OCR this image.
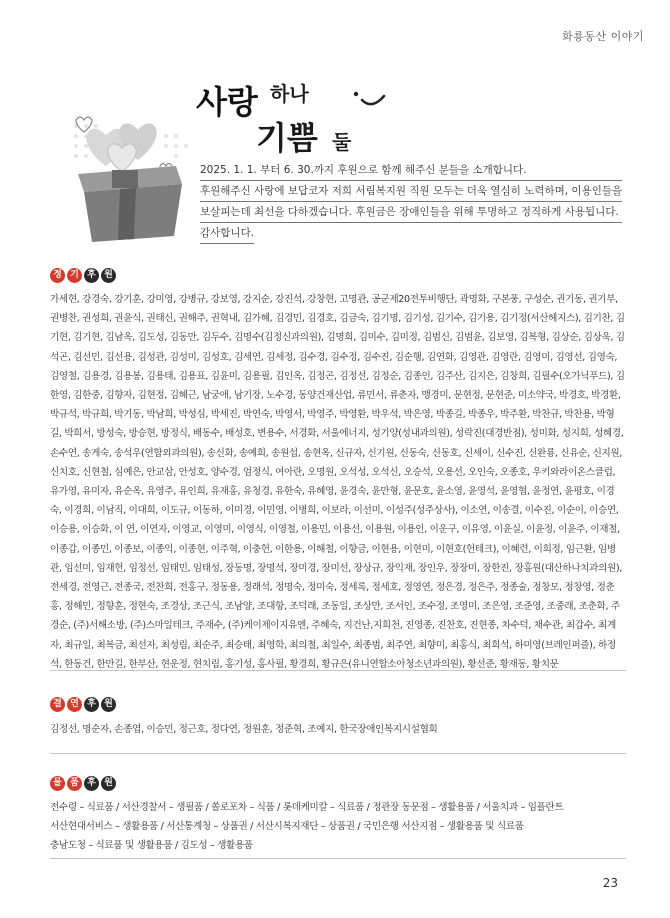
화룡동산 이야기
사랑 하나
기쁨 둘
2025. 1. 1. 부터 6. 30.까지 후원으로 함께 해주신 분들을 소개합니다.
후원해주신 사랑에 보답코자 저희 서림복지원 직원 모두는 더욱 열심히 노력하며, 이용인들을
보살피는데 최선을 다하겠습니다. 후원금은 장애인들을 위해 투명하고 정직하게 사용됩니다.
감사합니다.
정 기 후 원
가세현, 강경숙, 강기훈, 강미영, 강병규, 강보영, 강지순, 강진석, 강창현, 고명관, 공군제20전투비행단, 곽명화, 구본풍, 구성순, 권기동, 권기부, 권병찬, 권성희, 권윤식, 권태신, 권해주, 권혁내, 김가혜, 김경민, 김경호, 김금숙, 김기명, 김기성, 김기수, 김기용, 김기정(서산헤지스), 김기찬, 김기현, 김기현, 김남옥, 김도성, 김동만, 김두수, 김명수(김정신과의원), 김명희, 김미수, 김미정, 김범신, 김범윤, 김보영, 김복형, 김상순, 김상욱, 김석곤, 김선민, 김선용, 김성관, 김성미, 김성호, 김세연, 김세정, 김수경, 김수정, 김수진, 김순행, 김연화, 김영관, 김영란, 김영미, 김영선, 김영숙, 김영철, 김용경, 김용봉, 김용태, 김용표, 김윤미, 김용필, 김인옥, 김정곤, 김정선, 김정순, 김종인, 김주산, 김지은, 김창희, 김필수(오가닉푸드), 김한영, 김한중, 김향자, 김현정, 김혜근, 남궁애, 남기장, 노수경, 동양건재산업, 류민서, 류춘자, 맹경미, 문현정, 문현준, 미소약국, 박경호, 박경환, 박규석, 박규희, 박기동, 박남희, 박성심, 박세진, 박연숙, 박영서, 박영주, 박영환, 박우석, 박은영, 박종길, 박종우, 박주환, 박찬규, 박찬용, 박형길, 박희서, 방성숙, 방승현, 방정식, 배동수, 배성호, 변용수, 서경화, 서울에너지, 성기양(성내과의원), 성락진(대경반점), 성미화, 성지희, 성혜경, 손수연, 송게숙, 송석우(연합외과의원), 송신화, 송예희, 송원섭, 송현옥, 신규자, 신기원, 신동숙, 신동호, 신세이, 신수진, 신완룡, 신유순, 신지원, 신치호, 신현철, 심예은, 안교삼, 안성호, 양수경, 엄정식, 여아란, 오명원, 오석성, 오석신, 오승석, 오용선, 오인숙, 오종호, 우키와라이온스클럽, 유가영, 유미자, 유순옥, 유영주, 유인희, 유재홍, 유청경, 유한숙, 유혜영, 윤경숙, 윤만형, 윤문호, 윤소영, 윤영석, 윤영협, 윤정연, 윤평호, 이경숙, 이경희, 이남직, 이대희, 이도규, 이동하, 이미경, 이민영, 이병희, 이보라, 이선미, 이성주(성주상사), 이소연, 이송결, 이수진, 이순이, 이승연, 이승용, 이승화, 이 연, 이연자, 이영교, 이영미, 이영식, 이영철, 이용민, 이용선, 이용원, 이용인, 이운구, 이유영, 이윤실, 이윤정, 이윤주, 이재철, 이종갑, 이종민, 이종보, 이종익, 이종현, 이주혁, 이충헌, 이한용, 이해철, 이향금, 이현용, 이현미, 이현호(헌테크), 이혜련, 이희정, 임근환, 임병관, 임선미, 임재헌, 임정선, 임태민, 임태성, 장동명, 장명석, 장미경, 장미선, 장상규, 장익재, 장인우, 장장미, 장한진, 장홍원(대산하나치과의원), 전세경, 전영근, 전종국, 전찬희, 전홍구, 정동용, 정래석, 정명숙, 정미숙, 정세록, 정세호, 정영연, 정은경, 정은주, 정종술, 정창모, 정창영, 정춘홍, 정해민, 정향훈, 정현숙, 조경상, 조근식, 조남양, 조대항, 조덕래, 조동일, 조상만, 조서인, 조수정, 조영미, 조은영, 조준영, 조중래, 조춘화, 주경순, (주)서해소방, (주)스마일테크, 주재수, (주)케이제이지유엔, 주혜숙, 지건난,지희천, 진영종, 진찬호, 진현종, 차수덕, 채수관, 최갑수, 최계자, 최규일, 최복금, 최선자, 최성림, 최순주, 최승태, 최영학, 최의철, 최일수, 최종범, 최주연, 최향미, 최홍식, 최희석, 하미영(브레인퍼즐), 하정석, 한동건, 한만길, 한부산, 현운정, 현치림, 홍기성, 홍사필, 황경희, 황규은(유니연합소아청소년과의원), 황선준, 황재동, 황치문
결 연 후 원
김정선, 명순자, 손종엽, 이승민, 정근호, 정다연, 정원훈, 정준혁, 조예지, 한국장애인복지시설협회
물 품 후 원
전수령 – 식료품 / 서산경찰서 – 생필품 / 쏠로포차 – 식품 / 롯데케미칼 – 식료품 / 정관장 동문점 – 생활용품 / 서울치과 – 임플란트
서산현대서비스 – 생활용품 / 서산통계청 – 상품권 / 서산시복지재단 – 상품권 / 국민은행 서산지점 – 생활용품 및 식료품
충남도청 – 식료품 및 생활용품 / 김도성 – 생활용품
23
